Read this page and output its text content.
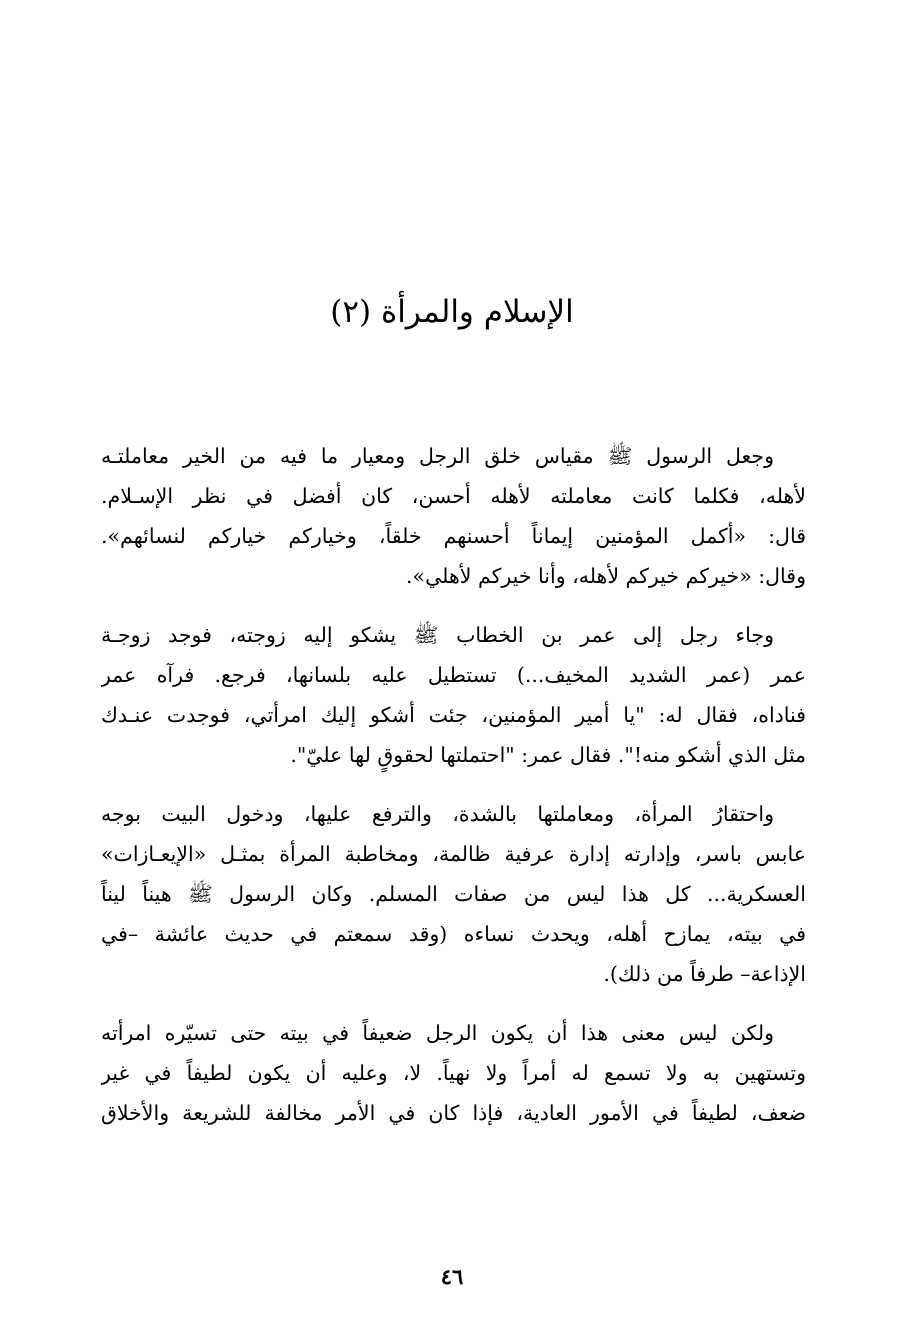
الإسلام والمرأة (٢)

وجعل الرسول ﷺ مقياس خلق الرجل ومعيار ما فيه من الخير معاملتـه
لأهله، فكلما كانت معاملته لأهله أحسن، كان أفضل في نظر الإسـلام.
قال: «أكمل المؤمنين إيماناً أحسنهم خلقاً، وخياركم خياركم لنسائهم».
وقال: «خيركم خيركم لأهله، وأنا خيركم لأهلي».

وجاء رجل إلى عمر بن الخطاب ﷺ يشكو إليه زوجته، فوجد زوجـة
عمر (عمر الشديد المخيف...) تستطيل عليه بلسانها، فرجع. فرآه عمر
فناداه، فقال له: "يا أمير المؤمنين، جئت أشكو إليك امرأتي، فوجدت عنـدك
مثل الذي أشكو منه!". فقال عمر: "احتملتها لحقوقٍ لها عليّ".

واحتقارُ المرأة، ومعاملتها بالشدة، والترفع عليها، ودخول البيت بوجه
عابس باسر، وإدارته إدارة عرفية ظالمة، ومخاطبة المرأة بمثـل «الإيعـازات»
العسكرية... كل هذا ليس من صفات المسلم. وكان الرسول ﷺ هيناً ليناً
في بيته، يمازح أهله، ويحدث نساءه (وقد سمعتم في حديث عائشة –في
الإذاعة– طرفاً من ذلك).

ولكن ليس معنى هذا أن يكون الرجل ضعيفاً في بيته حتى تسيّره امرأته
وتستهين به ولا تسمع له أمراً ولا نهياً. لا، وعليه أن يكون لطيفاً في غير
ضعف، لطيفاً في الأمور العادية، فإذا كان في الأمر مخالفة للشريعة والأخلاق

٤٦
